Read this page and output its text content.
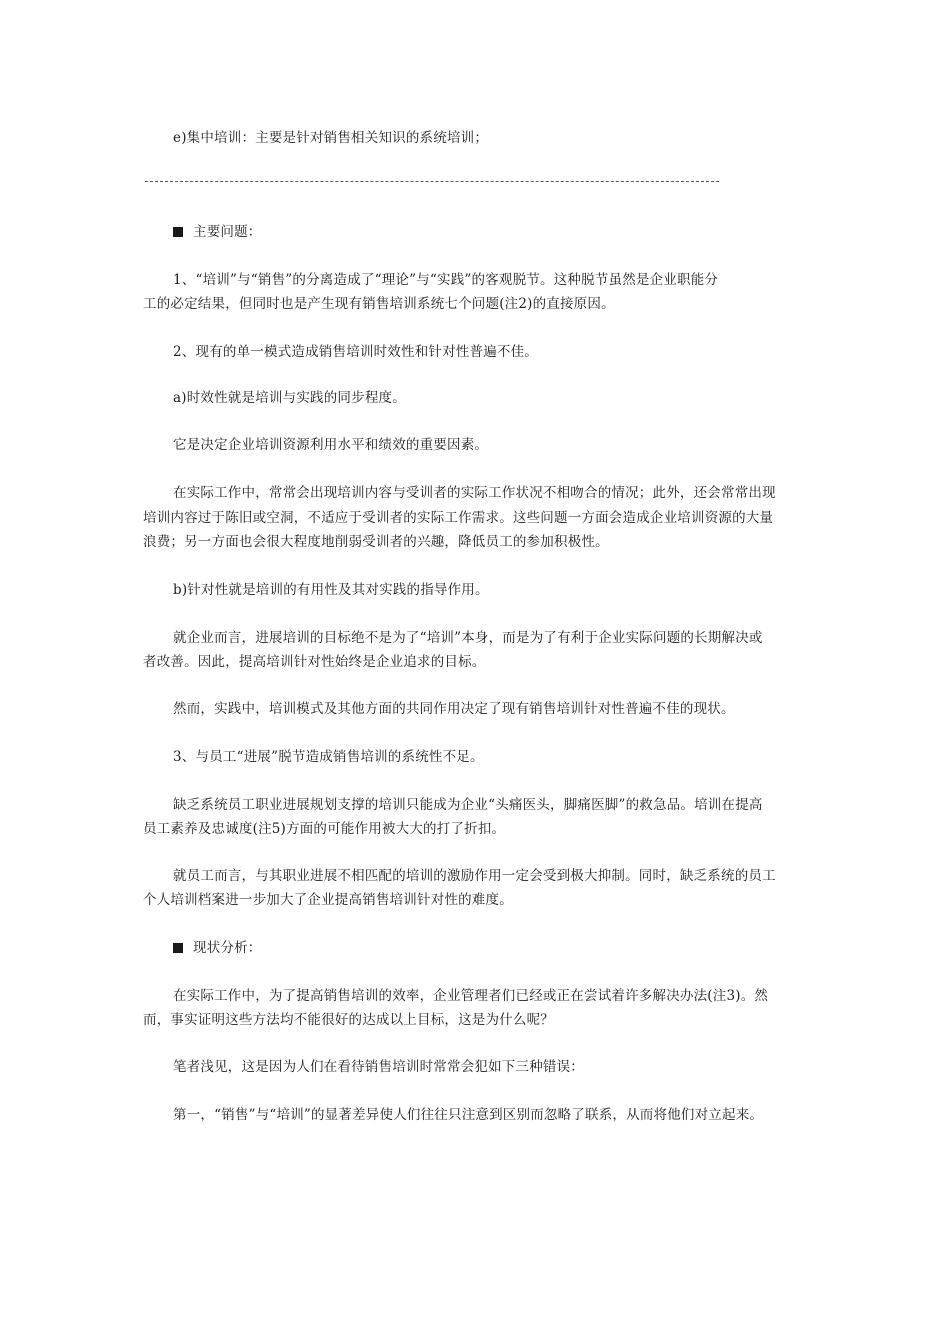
e)集中培训：主要是针对销售相关知识的系统培训；
主要问题：
1、“培训”与“销售”的分离造成了“理论”与“实践”的客观脱节。这种脱节虽然是企业职能分
工的必定结果，但同时也是产生现有销售培训系统七个问题(注2)的直接原因。
2、现有的单一模式造成销售培训时效性和针对性普遍不佳。
a)时效性就是培训与实践的同步程度。
它是决定企业培训资源利用水平和绩效的重要因素。
在实际工作中，常常会出现培训内容与受训者的实际工作状况不相吻合的情况；此外，还会常常出现
培训内容过于陈旧或空洞，不适应于受训者的实际工作需求。这些问题一方面会造成企业培训资源的大量
浪费；另一方面也会很大程度地削弱受训者的兴趣，降低员工的参加积极性。
b)针对性就是培训的有用性及其对实践的指导作用。
就企业而言，进展培训的目标绝不是为了“培训”本身，而是为了有利于企业实际问题的长期解决或
者改善。因此，提高培训针对性始终是企业追求的目标。
然而，实践中，培训模式及其他方面的共同作用决定了现有销售培训针对性普遍不佳的现状。
3、与员工“进展”脱节造成销售培训的系统性不足。
缺乏系统员工职业进展规划支撑的培训只能成为企业“头痛医头，脚痛医脚”的救急品。培训在提高
员工素养及忠诚度(注5)方面的可能作用被大大的打了折扣。
就员工而言，与其职业进展不相匹配的培训的激励作用一定会受到极大抑制。同时，缺乏系统的员工
个人培训档案进一步加大了企业提高销售培训针对性的难度。
现状分析：
在实际工作中，为了提高销售培训的效率，企业管理者们已经或正在尝试着许多解决办法(注3)。然
而，事实证明这些方法均不能很好的达成以上目标，这是为什么呢？
笔者浅见，这是因为人们在看待销售培训时常常会犯如下三种错误：
第一，“销售”与“培训”的显著差异使人们往往只注意到区别而忽略了联系，从而将他们对立起来。
